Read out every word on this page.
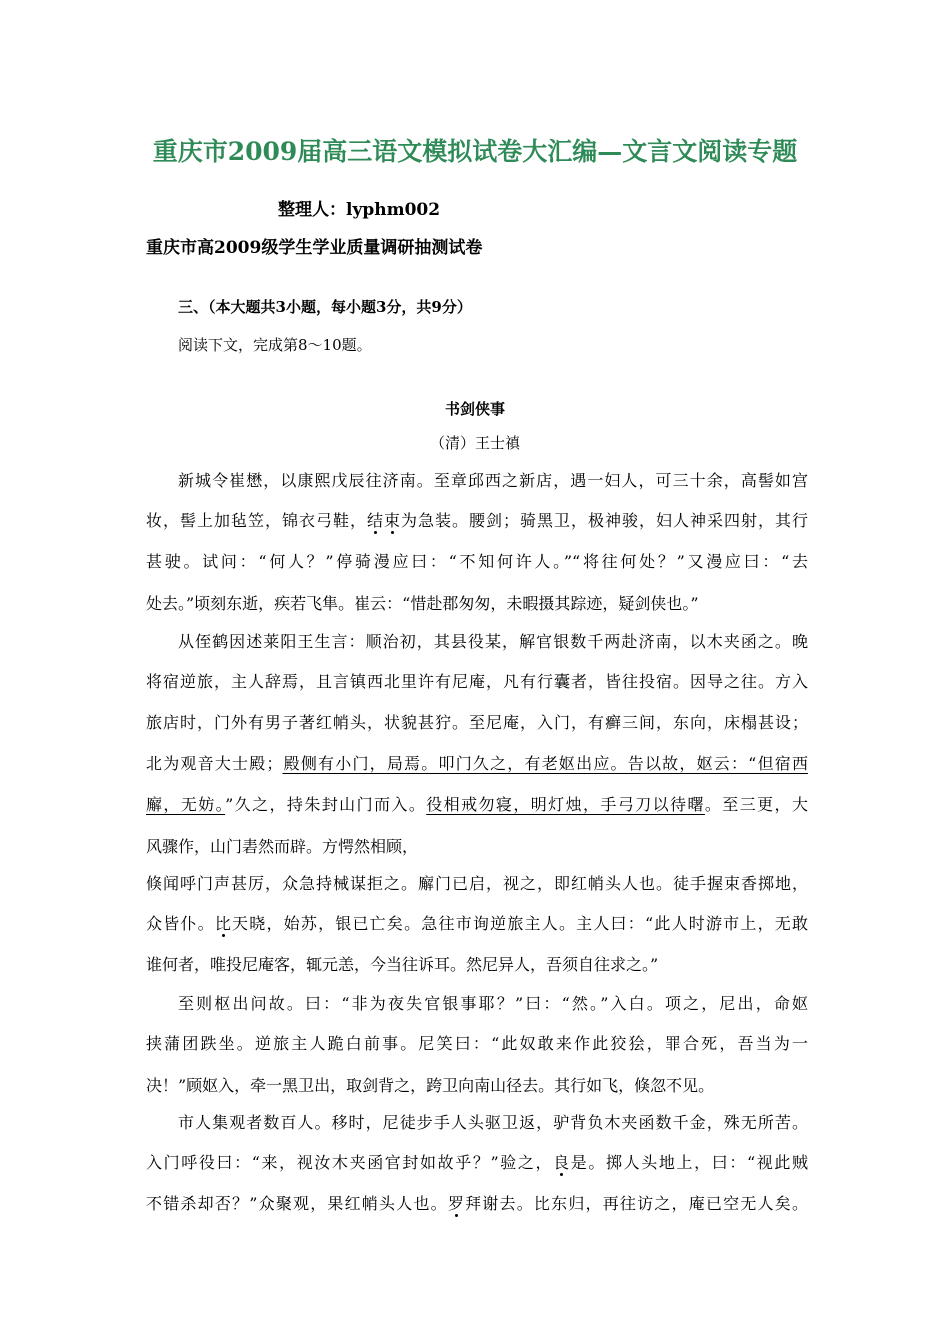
重庆市2009届高三语文模拟试卷大汇编—文言文阅读专题
整理人：lyphm002
重庆市高2009级学生学业质量调研抽测试卷
三、（本大题共3小题，每小题3分，共9分）
阅读下文，完成第8～10题。
书剑侠事
（清）王士禛
新城令崔懋，以康熙戊辰往济南。至章邱西之新店，遇一妇人，可三十余，高髻如宫
妆，髻上加毡笠，锦衣弓鞋，结束为急装。腰剑；骑黑卫，极神骏，妇人神采四射，其行
甚驶。试问：“何人？”停骑漫应曰：“不知何许人。”“将往何处？”又漫应曰：“去
处去。”顷刻东逝，疾若飞隼。崔云：“惜赴郡匆匆，未暇摄其踪迹，疑剑侠也。”
从侄鹤因述莱阳王生言：顺治初，其县役某，解官银数千两赴济南，以木夹函之。晚
将宿逆旅，主人辞焉，且言镇西北里许有尼庵，凡有行囊者，皆往投宿。因导之往。方入
旅店时，门外有男子著红帩头，状貌甚狞。至尼庵，入门，有癣三间，东向，床榻甚设；
北为观音大士殿；殿侧有小门，局焉。叩门久之，有老妪出应。告以故，妪云：“但宿西
廨，无妨。”久之，持朱封山门而入。役相戒勿寝，明灯烛，手弓刀以待曙。至三更，大
风骤作，山门砉然而辟。方愕然相顾，
倏闻呼门声甚厉，众急持械谋拒之。廨门已启，视之，即红帩头人也。徒手握束香掷地，
众皆仆。比天晓，始苏，银已亡矣。急往市询逆旅主人。主人曰：“此人时游市上，无敢
谁何者，唯投尼庵客，辄元恙，今当往诉耳。然尼异人，吾须自往求之。”
至则枢出问故。曰：“非为夜失官银事耶？”曰：“然。”入白。项之，尼出，命妪
挟蒲团跌坐。逆旅主人跪白前事。尼笑曰：“此奴敢来作此狡狯，罪合死，吾当为一
决！”顾妪入，牵一黑卫出，取剑背之，跨卫向南山径去。其行如飞，倏忽不见。
市人集观者数百人。移时，尼徒步手人头驱卫返，驴背负木夹函数千金，殊无所苦。
入门呼役曰：“来，视汝木夹函官封如故乎？”验之，良是。掷人头地上，曰：“视此贼
不错杀却否？”众聚观，果红帩头人也。罗拜谢去。比东归，再往访之，庵已空无人矣。
